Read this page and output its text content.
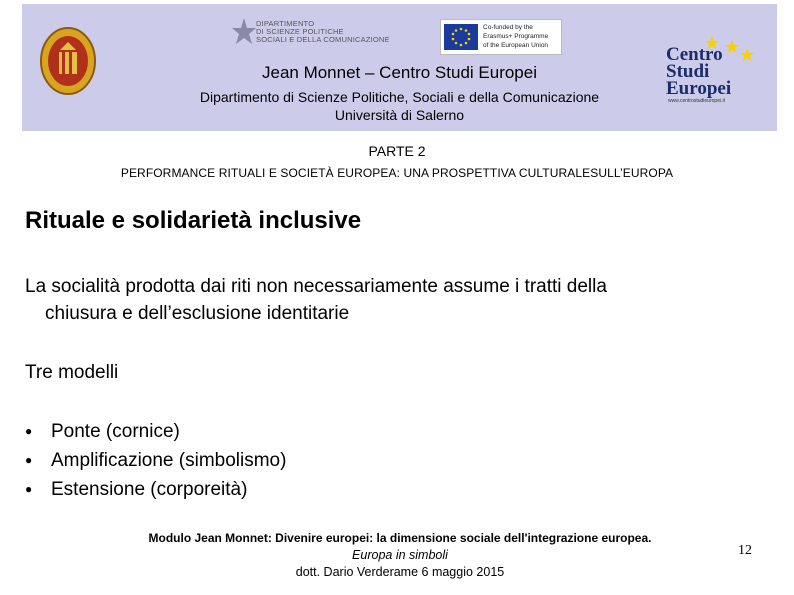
DIPARTIMENTO
DI SCIENZE POLITICHE
SOCIALI E DELLA COMUNICAZIONE
Co-funded by the
Erasmus+ Programme
of the European Union	Centro
Studi
Europei
www.centrostudieuropei.it
Jean Monnet – Centro Studi Europei
Dipartimento di Scienze Politiche, Sociali e della Comunicazione
Università di Salerno
PARTE 2
PERFORMANCE RITUALI E SOCIETÀ EUROPEA: UNA PROSPETTIVA CULTURALESULL’EUROPA
Rituale e solidarietà inclusive
La socialità prodotta dai riti non necessariamente assume i tratti della
chiusura e dell’esclusione identitarie
Tre modelli
● Ponte (cornice)
● Amplificazione (simbolismo)
● Estensione (corporeità)
Modulo Jean Monnet: Divenire europei: la dimensione sociale dell'integrazione europea.
Europa in simboli
dott. Dario Verderame 6 maggio 2015
12
